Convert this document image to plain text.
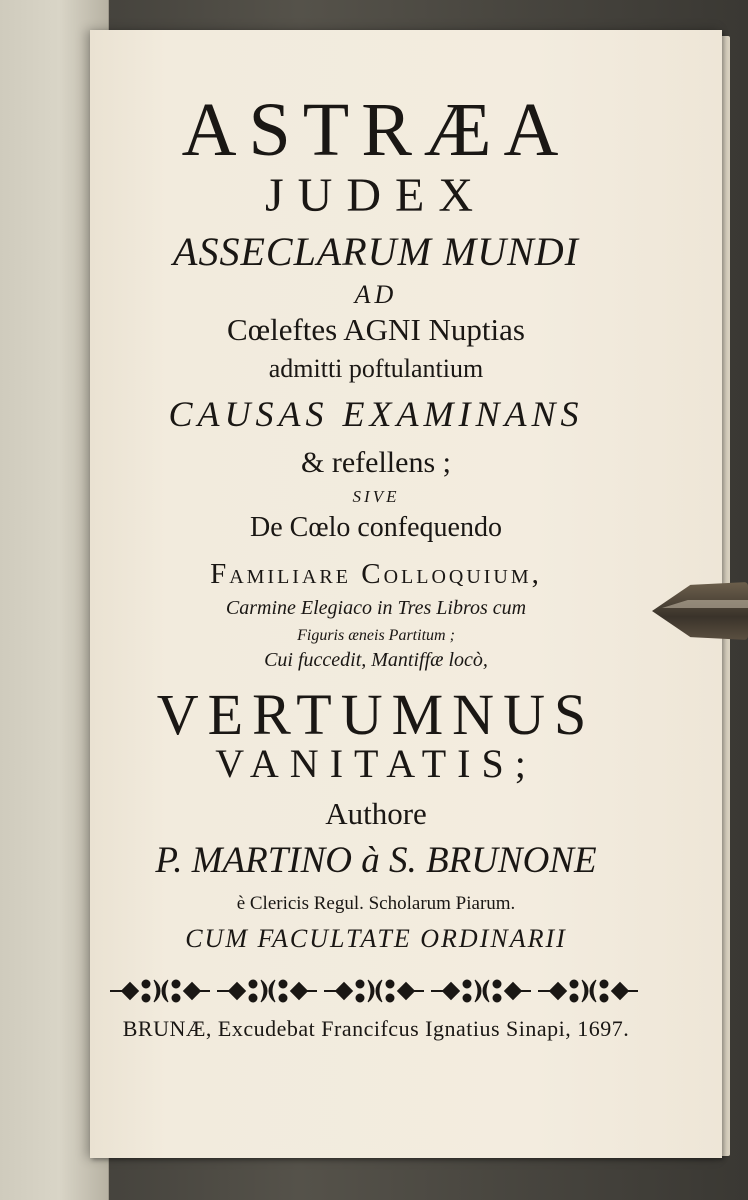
ASTRÆA

JUDEX

ASSECLARUM MUNDI

AD

Cœleftes AGNI Nuptias

admitti poftulantium

CAUSAS EXAMINANS

& refellens ;

SIVE

De Cœlo confequendo

Familiare Colloquium,

Carmine Elegiaco in Tres Libros cum

Figuris æneis Partitum ;

Cui fuccedit, Mantiffæ locò,

VERTUMNUS

VANITATIS;

Authore

P. MARTINO à S. BRUNONE

è Clericis Regul. Scholarum Piarum.

CUM FACULTATE ORDINARII

BRUNÆ, Excudebat Francifcus Ignatius Sinapi, 1697.
